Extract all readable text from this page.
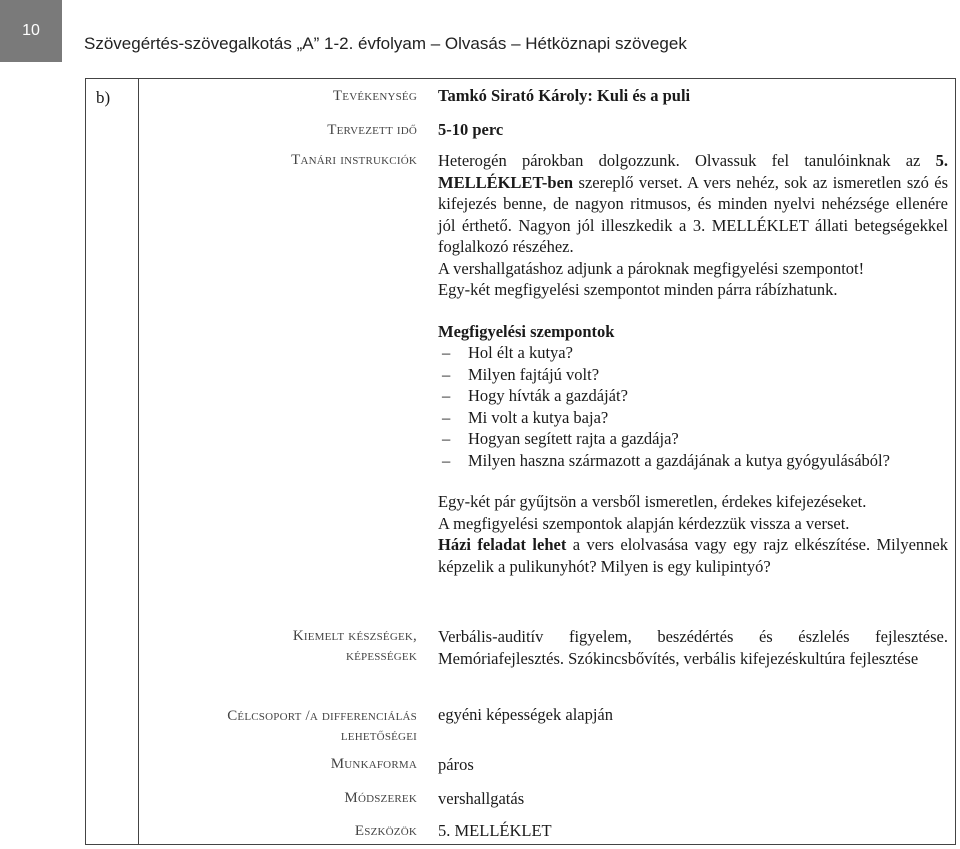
10
Szövegértés-szövegalkotás „A” 1-2. évfolyam – Olvasás – Hétköznapi szövegek
b)	Tevékenység
Tervezett idő
Tanári instrukciók
Kiemelt készségek,
képességek
Célcsoport /a differenciálás
lehetőségei
Munkaforma
Módszerek
Eszközök
Tamkó Sirató Károly: Kuli és a puli
5-10 perc

Heterogén párokban dolgozzunk. Olvassuk fel tanulóinknak az 5. MELLÉKLET-ben szereplő verset. A vers nehéz, sok az ismeretlen szó és kifejezés benne, de nagyon ritmusos, és minden nyelvi nehézsége ellenére jól érthető. Nagyon jól illeszkedik a 3. MELLÉKLET állati betegségekkel foglalkozó részéhez.

A vershallgatáshoz adjunk a pároknak megfigyelési szempontot!

Egy-két megfigyelési szempontot minden párra rábízhatunk.

Megfigyelési szempontok

– Hol élt a kutya?
– Milyen fajtájú volt?
– Hogy hívták a gazdáját?
– Mi volt a kutya baja?
– Hogyan segített rajta a gazdája?
– Milyen haszna származott a gazdájának a kutya gyógyulásából?

Egy-két pár gyűjtsön a versből ismeretlen, érdekes kifejezéseket.

A megfigyelési szempontok alapján kérdezzük vissza a verset.

Házi feladat lehet a vers elolvasása vagy egy rajz elkészítése. Milyennek képzelik a pulikunyhót? Milyen is egy kulipintyó?

Verbális-auditív figyelem, beszédértés és észlelés fejlesztése. Memóriafejlesztés. Szókincsbővítés, verbális kifejezéskultúra fejlesztése
egyéni képességek alapján
páros
vershallgatás
5. MELLÉKLET
